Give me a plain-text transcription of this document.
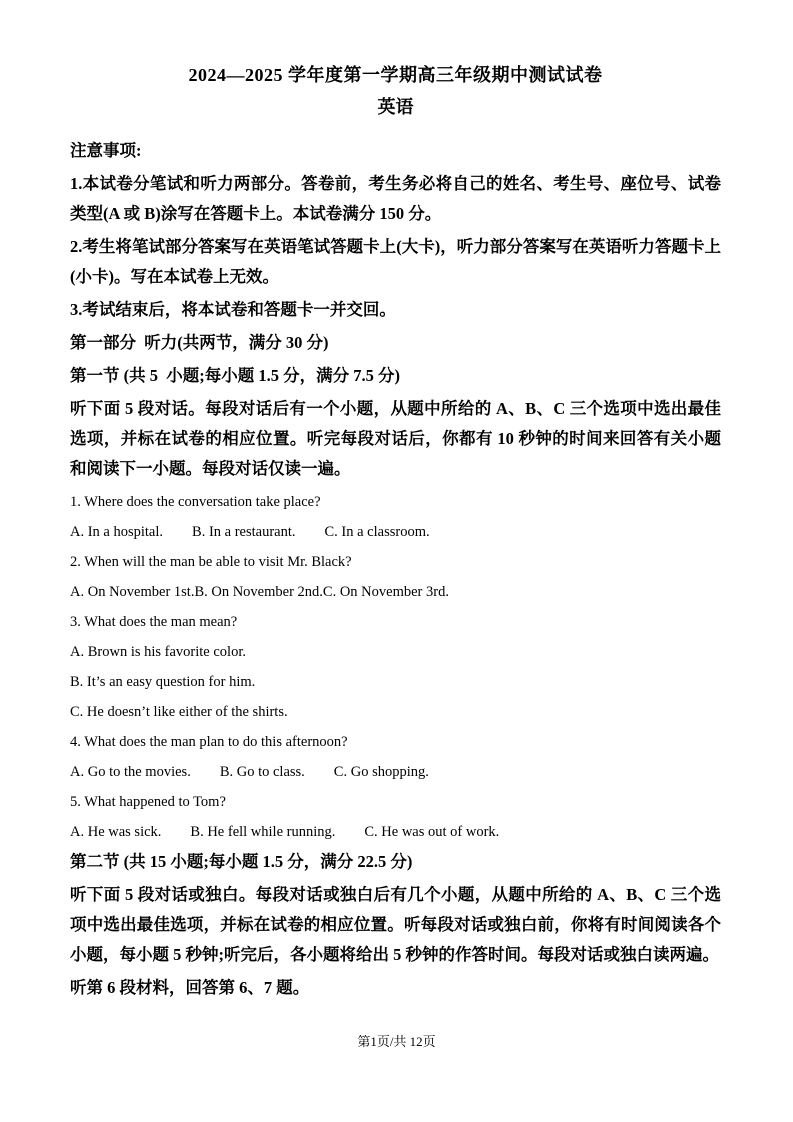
2024—2025 学年度第一学期高三年级期中测试试卷
英语

注意事项:

1.本试卷分笔试和听力两部分。答卷前，考生务必将自己的姓名、考生号、座位号、试卷类型(A 或 B)涂写在答题卡上。本试卷满分 150 分。

2.考生将笔试部分答案写在英语笔试答题卡上(大卡)，听力部分答案写在英语听力答题卡上(小卡)。写在本试卷上无效。

3.考试结束后，将本试卷和答题卡一并交回。

第一部分  听力(共两节，满分 30 分)

第一节 (共 5  小题;每小题 1.5 分，满分 7.5 分)

听下面 5 段对话。每段对话后有一个小题，从题中所给的 A、B、C 三个选项中选出最佳选项，并标在试卷的相应位置。听完每段对话后，你都有 10 秒钟的时间来回答有关小题和阅读下一小题。每段对话仅读一遍。

1. Where does the conversation take place?

A. In a hospital.        B. In a restaurant.        C. In a classroom.

2. When will the man be able to visit Mr. Black?

A. On November 1st.B. On November 2nd.C. On November 3rd.

3. What does the man mean?

A. Brown is his favorite color.

B. It’s an easy question for him.

C. He doesn’t like either of the shirts.

4. What does the man plan to do this afternoon?

A. Go to the movies.        B. Go to class.        C. Go shopping.

5. What happened to Tom?

A. He was sick.        B. He fell while running.        C. He was out of work.

第二节 (共 15 小题;每小题 1.5 分，满分 22.5 分)

听下面 5 段对话或独白。每段对话或独白后有几个小题，从题中所给的 A、B、C 三个选项中选出最佳选项，并标在试卷的相应位置。听每段对话或独白前，你将有时间阅读各个小题，每小题 5 秒钟;听完后，各小题将给出 5 秒钟的作答时间。每段对话或独白读两遍。

听第 6 段材料，回答第 6、7 题。

第1页/共 12页
